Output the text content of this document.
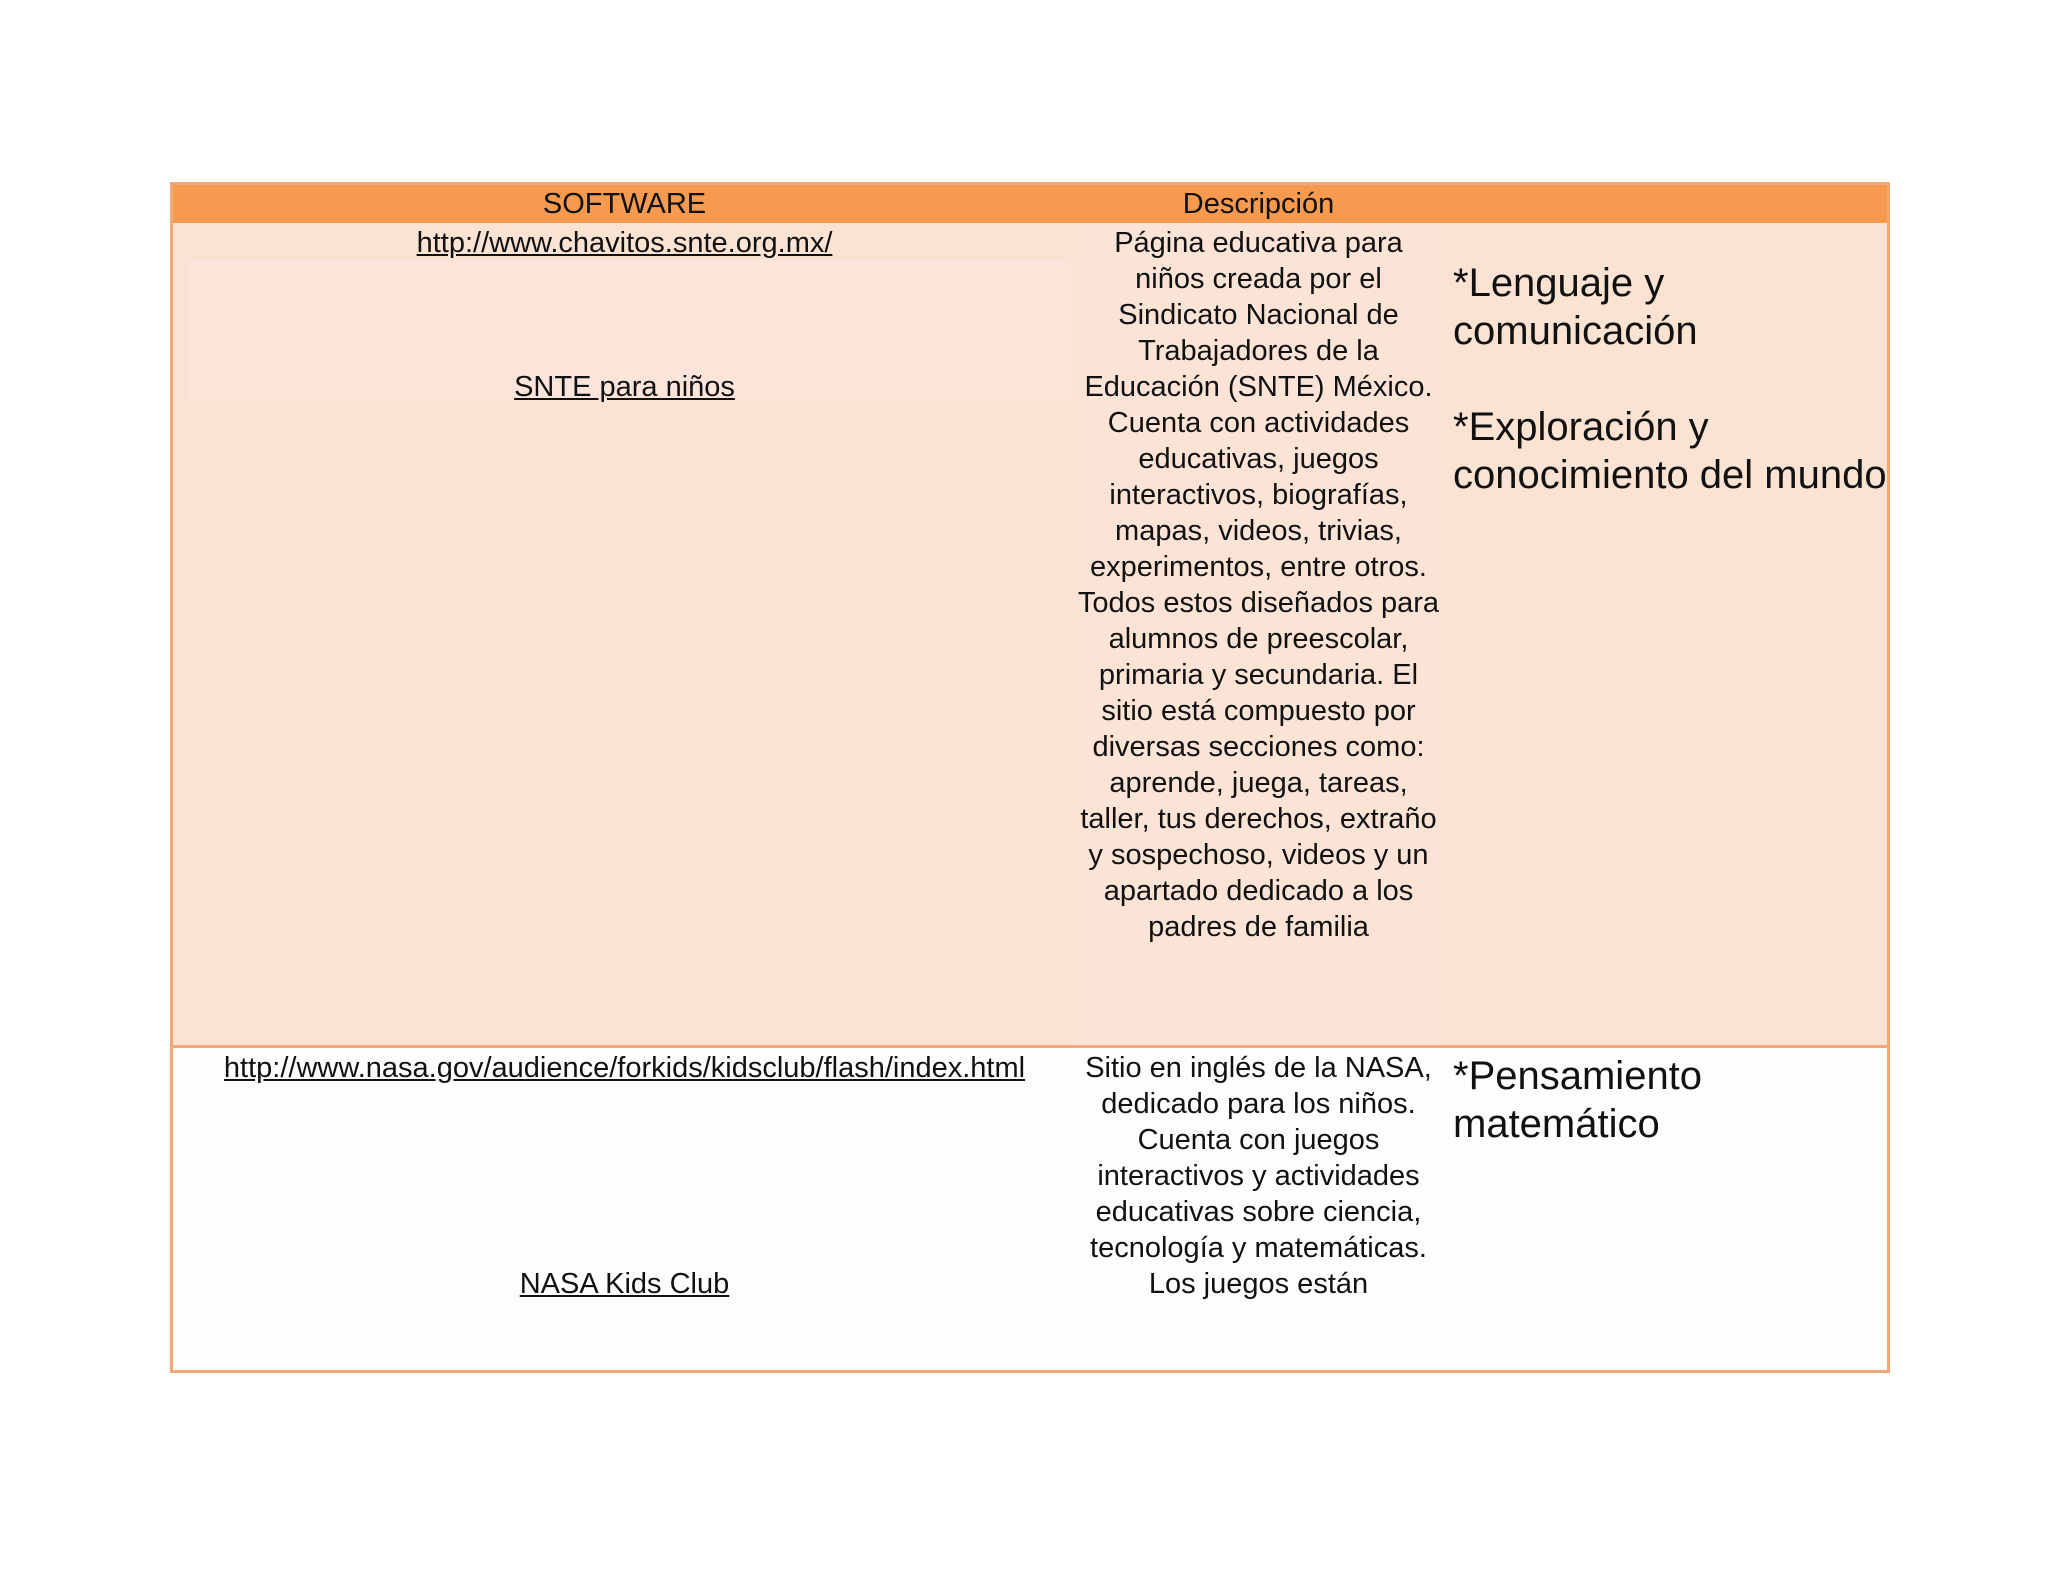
SOFTWARE	Descripción
http://www.chavitos.snte.org.mx/
SNTE para niños
Página educativa para niños creada por el Sindicato Nacional de Trabajadores de la Educación (SNTE) México. Cuenta con actividades educativas, juegos interactivos, biografías, mapas, videos, trivias, experimentos, entre otros. Todos estos diseñados para alumnos de preescolar, primaria y secundaria. El sitio está compuesto por diversas secciones como: aprende, juega, tareas, taller, tus derechos, extraño y sospechoso, videos y un apartado dedicado a los padres de familia
*Lenguaje y comunicación
*Exploración y conocimiento del mundo
http://www.nasa.gov/audience/forkids/kidsclub/flash/index.html
NASA Kids Club
Sitio en inglés de la NASA, dedicado para los niños. Cuenta con juegos interactivos y actividades educativas sobre ciencia, tecnología y matemáticas. Los juegos están
*Pensamiento matemático
